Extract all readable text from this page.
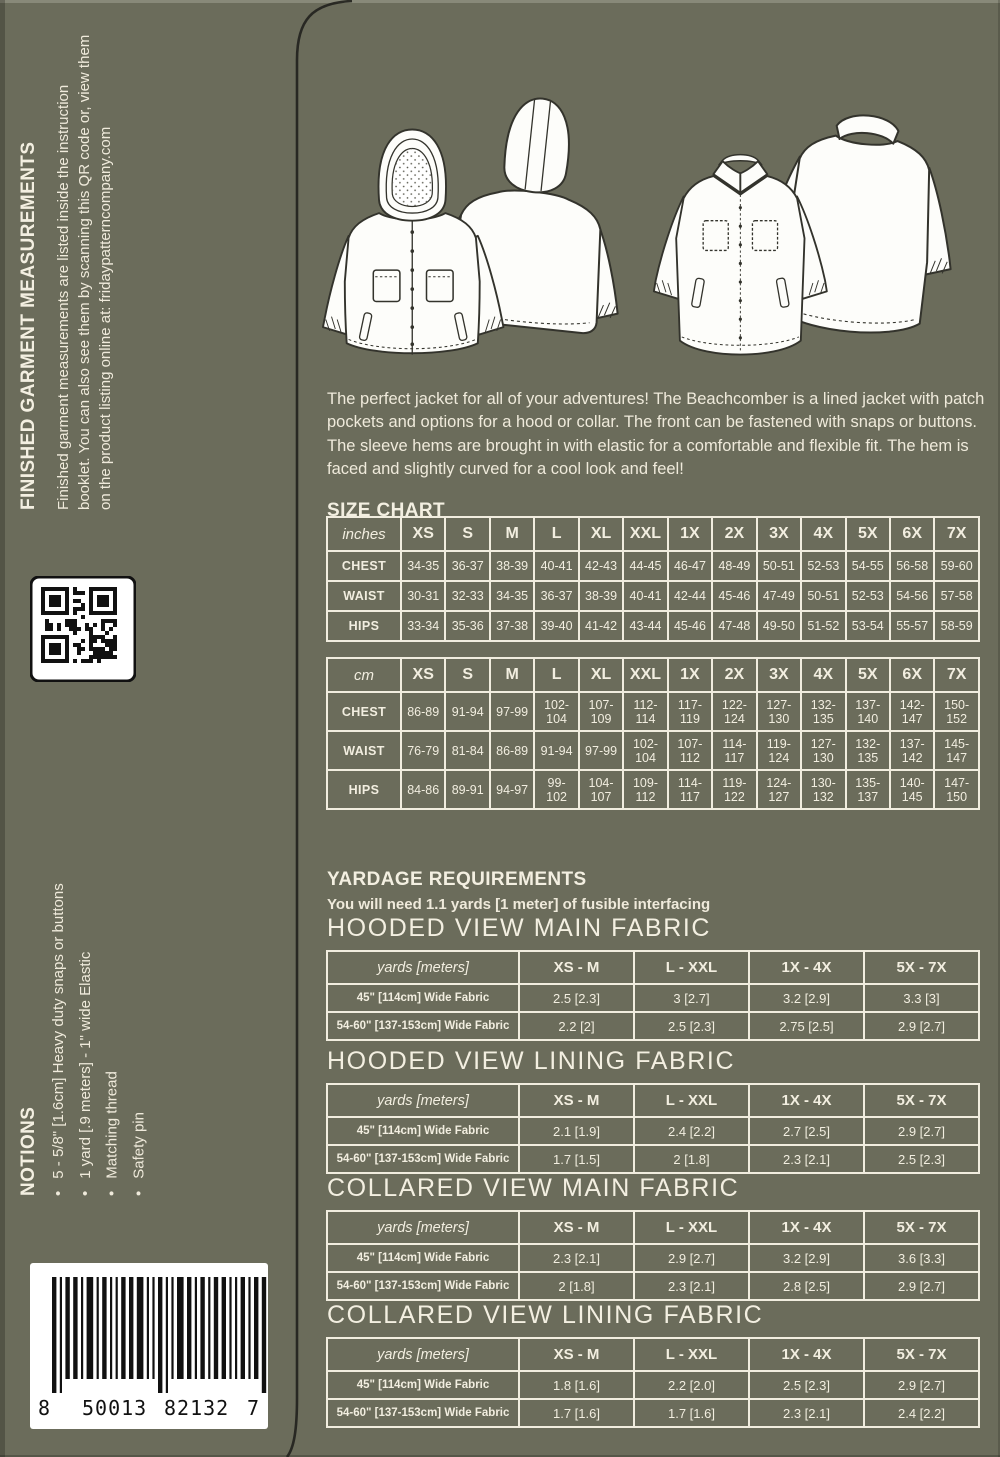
FINISHED GARMENT MEASUREMENTS Finished garment measurements are listed inside the instruction booklet. You can also see them by scanning this QR code or, view them on the product listing online at: fridaypatterncompany.com

NOTIONS • 5 - 5/8" [1.6cm] Heavy duty snaps or buttons • 1 yard [.9 meters] - 1" wide Elastic • Matching thread • Safety pin
8 50013 82132 7

The perfect jacket for all of your adventures! The Beachcomber is a lined jacket with patch pockets and options for a hood or collar. The front can be fastened with snaps or buttons. The sleeve hems are brought in with elastic for a comfortable and flexible fit. The hem is faced and slightly curved for a cool look and feel!

SIZE CHART
inches	XS	S	M	L	XL	XXL	1X	2X	3X	4X	5X	6X	7X
CHEST	34-35	36-37	38-39	40-41	42-43	44-45	46-47	48-49	50-51	52-53	54-55	56-58	59-60
WAIST	30-31	32-33	34-35	36-37	38-39	40-41	42-44	45-46	47-49	50-51	52-53	54-56	57-58
HIPS	33-34	35-36	37-38	39-40	41-42	43-44	45-46	47-48	49-50	51-52	53-54	55-57	58-59
cm	XS	S	M	L	XL	XXL	1X	2X	3X	4X	5X	6X	7X
CHEST	86-89	91-94	97-99	102-104	107-109	112-114	117-119	122-124	127-130	132-135	137-140	142-147	150-152
WAIST	76-79	81-84	86-89	91-94	97-99	102-104	107-112	114-117	119-124	127-130	132-135	137-142	145-147
HIPS	84-86	89-91	94-97	99-102	104-107	109-112	114-117	119-122	124-127	130-132	135-137	140-145	147-150
YARDAGE REQUIREMENTS

You will need 1.1 yards [1 meter] of fusible interfacing

HOODED VIEW MAIN FABRIC
yards [meters]	XS - M	L - XXL	1X - 4X	5X - 7X
45" [114cm] Wide Fabric	2.5 [2.3]	3 [2.7]	3.2 [2.9]	3.3 [3]
54-60" [137-153cm] Wide Fabric	2.2 [2]	2.5 [2.3]	2.75 [2.5]	2.9 [2.7]
HOODED VIEW LINING FABRIC
yards [meters]	XS - M	L - XXL	1X - 4X	5X - 7X
45" [114cm] Wide Fabric	2.1 [1.9]	2.4 [2.2]	2.7 [2.5]	2.9 [2.7]
54-60" [137-153cm] Wide Fabric	1.7 [1.5]	2 [1.8]	2.3 [2.1]	2.5 [2.3]
COLLARED VIEW MAIN FABRIC
yards [meters]	XS - M	L - XXL	1X - 4X	5X - 7X
45" [114cm] Wide Fabric	2.3 [2.1]	2.9 [2.7]	3.2 [2.9]	3.6 [3.3]
54-60" [137-153cm] Wide Fabric	2 [1.8]	2.3 [2.1]	2.8 [2.5]	2.9 [2.7]
COLLARED VIEW LINING FABRIC
yards [meters]	XS - M	L - XXL	1X - 4X	5X - 7X
45" [114cm] Wide Fabric	1.8 [1.6]	2.2 [2.0]	2.5 [2.3]	2.9 [2.7]
54-60" [137-153cm] Wide Fabric	1.7 [1.6]	1.7 [1.6]	2.3 [2.1]	2.4 [2.2]
